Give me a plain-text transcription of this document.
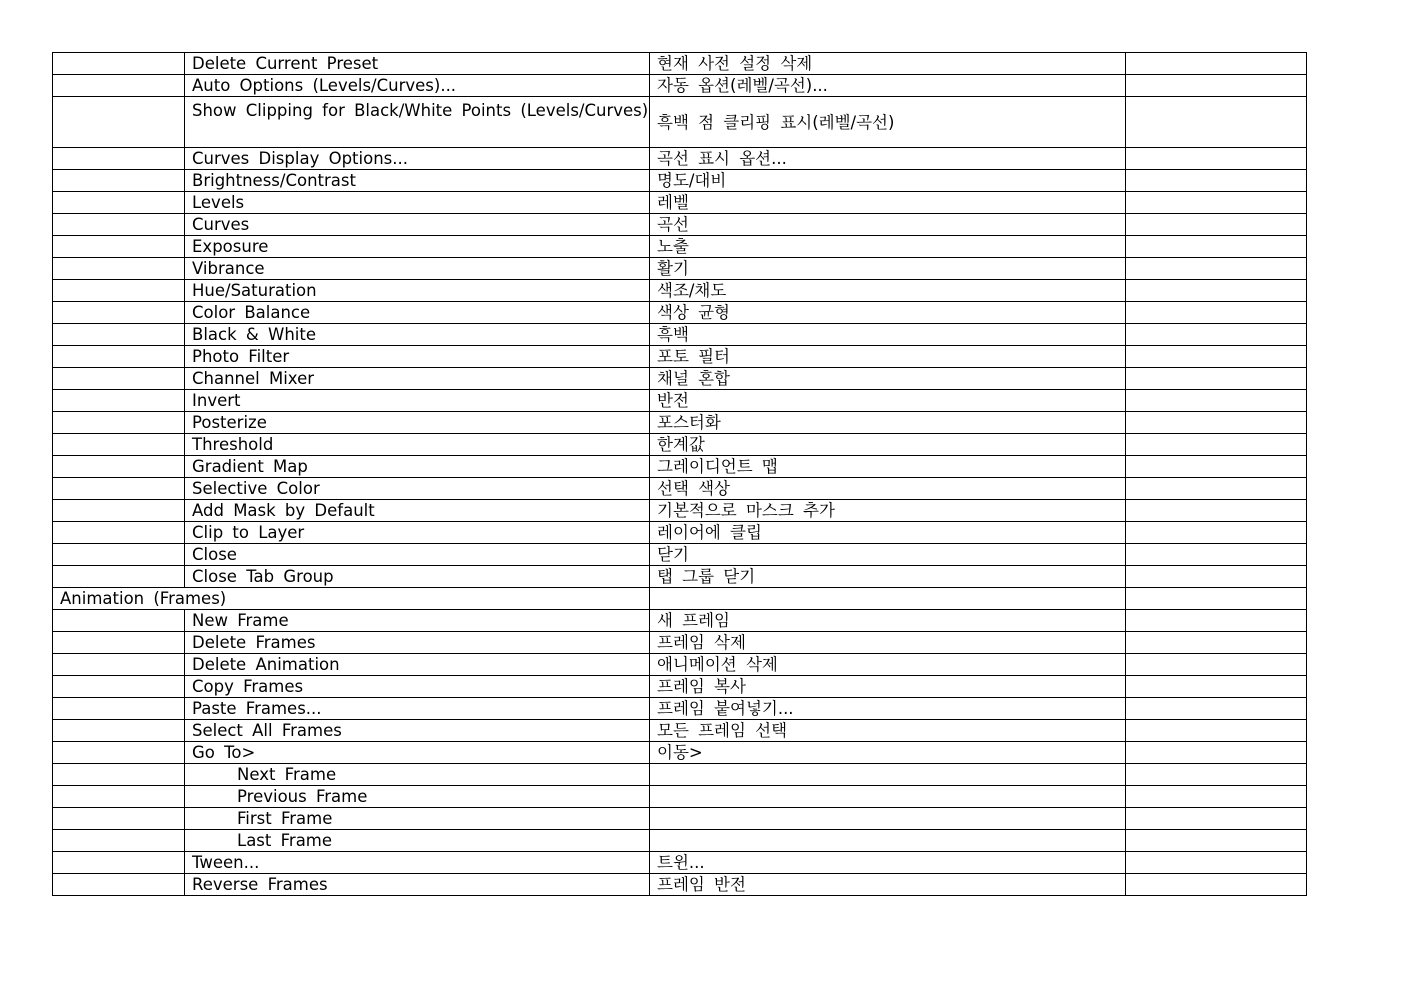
	Delete Current Preset	현재 사전 설정 삭제	
	Auto Options (Levels/Curves)...	자동 옵션(레벨/곡선)...	
	Show Clipping for Black/White Points (Levels/Curves)	흑백 점 클리핑 표시(레벨/곡선)	
	Curves Display Options...	곡선 표시 옵션...	
	Brightness/Contrast	명도/대비	
	Levels	레벨	
	Curves	곡선	
	Exposure	노출	
	Vibrance	활기	
	Hue/Saturation	색조/채도	
	Color Balance	색상 균형	
	Black & White	흑백	
	Photo Filter	포토 필터	
	Channel Mixer	채널 혼합	
	Invert	반전	
	Posterize	포스터화	
	Threshold	한계값	
	Gradient Map	그레이디언트 맵	
	Selective Color	선택 색상	
	Add Mask by Default	기본적으로 마스크 추가	
	Clip to Layer	레이어에 클립	
	Close	닫기	
	Close Tab Group	탭 그룹 닫기	
Animation (Frames)			
	New Frame	새 프레임	
	Delete Frames	프레임 삭제	
	Delete Animation	애니메이션 삭제	
	Copy Frames	프레임 복사	
	Paste Frames...	프레임 붙여넣기...	
	Select All Frames	모든 프레임 선택	
	Go To>	이동>	
	Next Frame		
	Previous Frame		
	First Frame		
	Last Frame		
	Tween...	트윈...	
	Reverse Frames	프레임 반전	
